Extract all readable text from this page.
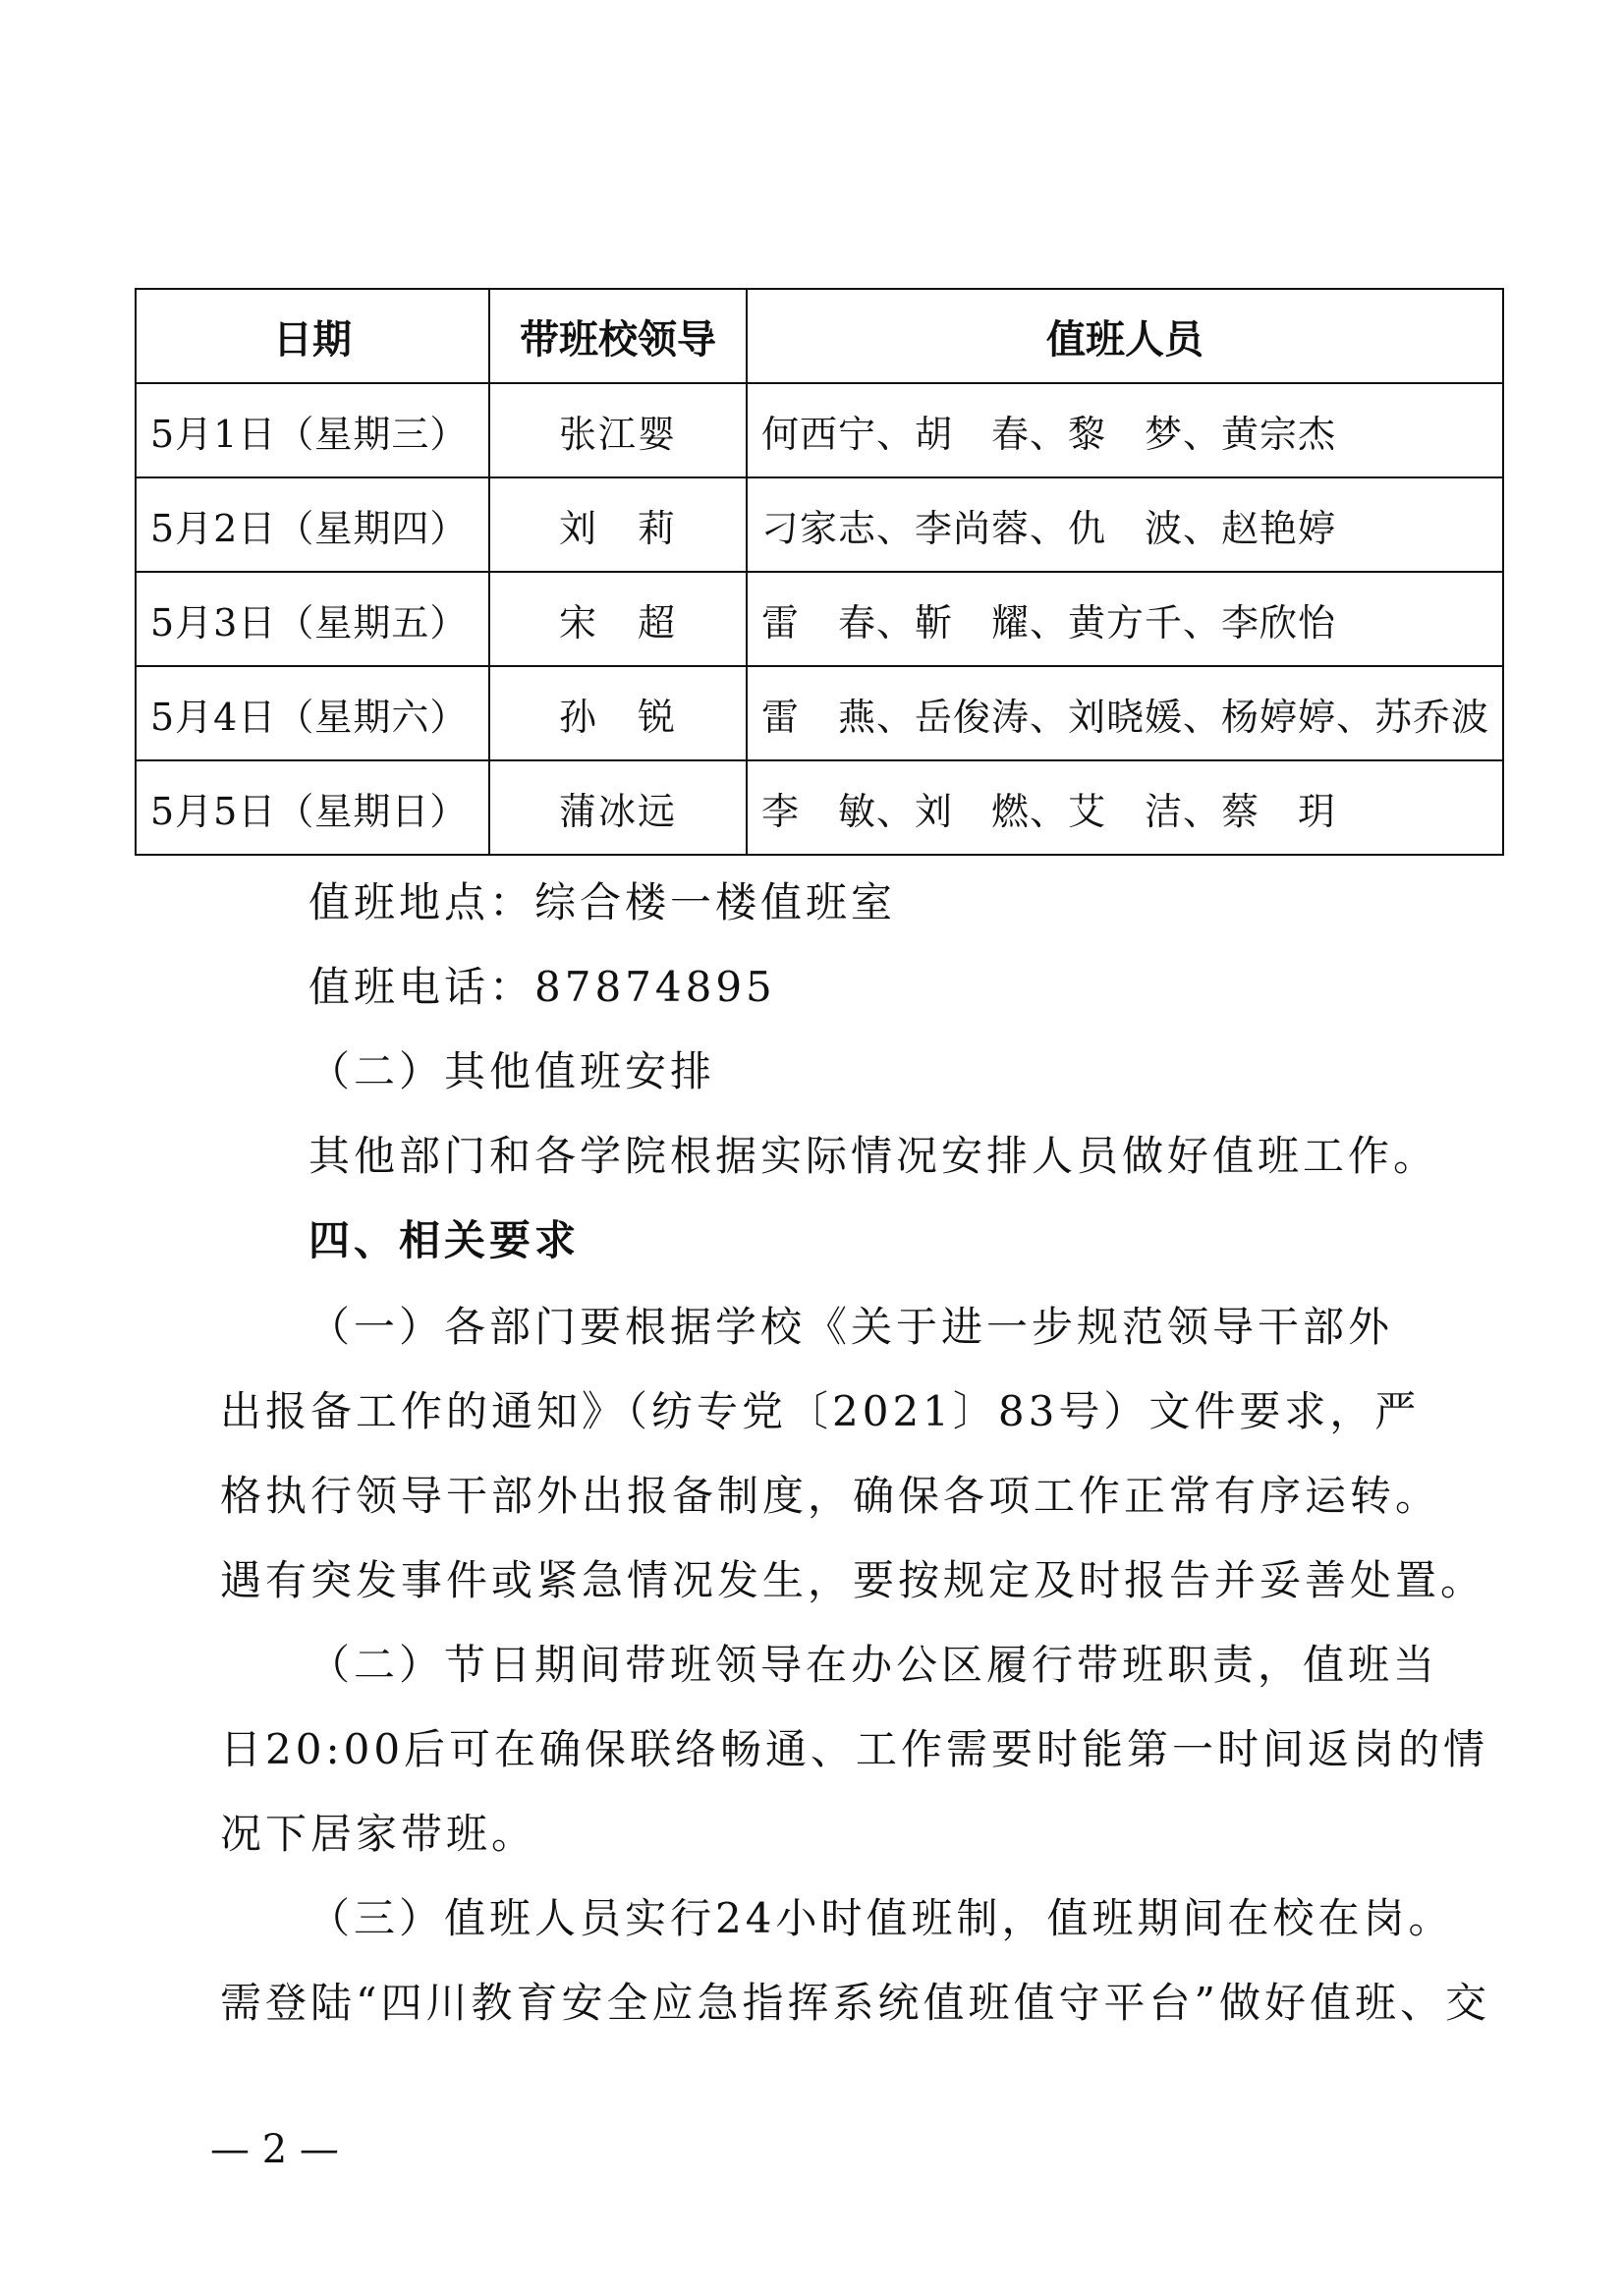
日期	带班校领导	值班人员
5月1日（星期三）	张江婴	何西宁、胡　春、黎　梦、黄宗杰
5月2日（星期四）	刘　莉	刁家志、李尚蓉、仇　波、赵艳婷
5月3日（星期五）	宋　超	雷　春、靳　耀、黄方千、李欣怡
5月4日（星期六）	孙　锐	雷　燕、岳俊涛、刘晓媛、杨婷婷、苏乔波
5月5日（星期日）	蒲冰远	李　敏、刘　燃、艾　洁、蔡　玥
值班地点：综合楼一楼值班室
值班电话：87874895
（二）其他值班安排
其他部门和各学院根据实际情况安排人员做好值班工作。
四、相关要求
（一）各部门要根据学校《关于进一步规范领导干部外
出报备工作的通知》（纺专党〔2021〕83号）文件要求，严
格执行领导干部外出报备制度，确保各项工作正常有序运转。
遇有突发事件或紧急情况发生，要按规定及时报告并妥善处置。
（二）节日期间带班领导在办公区履行带班职责，值班当
日20:00后可在确保联络畅通、工作需要时能第一时间返岗的情
况下居家带班。
（三）值班人员实行24小时值班制，值班期间在校在岗。
需登陆“四川教育安全应急指挥系统值班值守平台”做好值班、交
— 2 —
